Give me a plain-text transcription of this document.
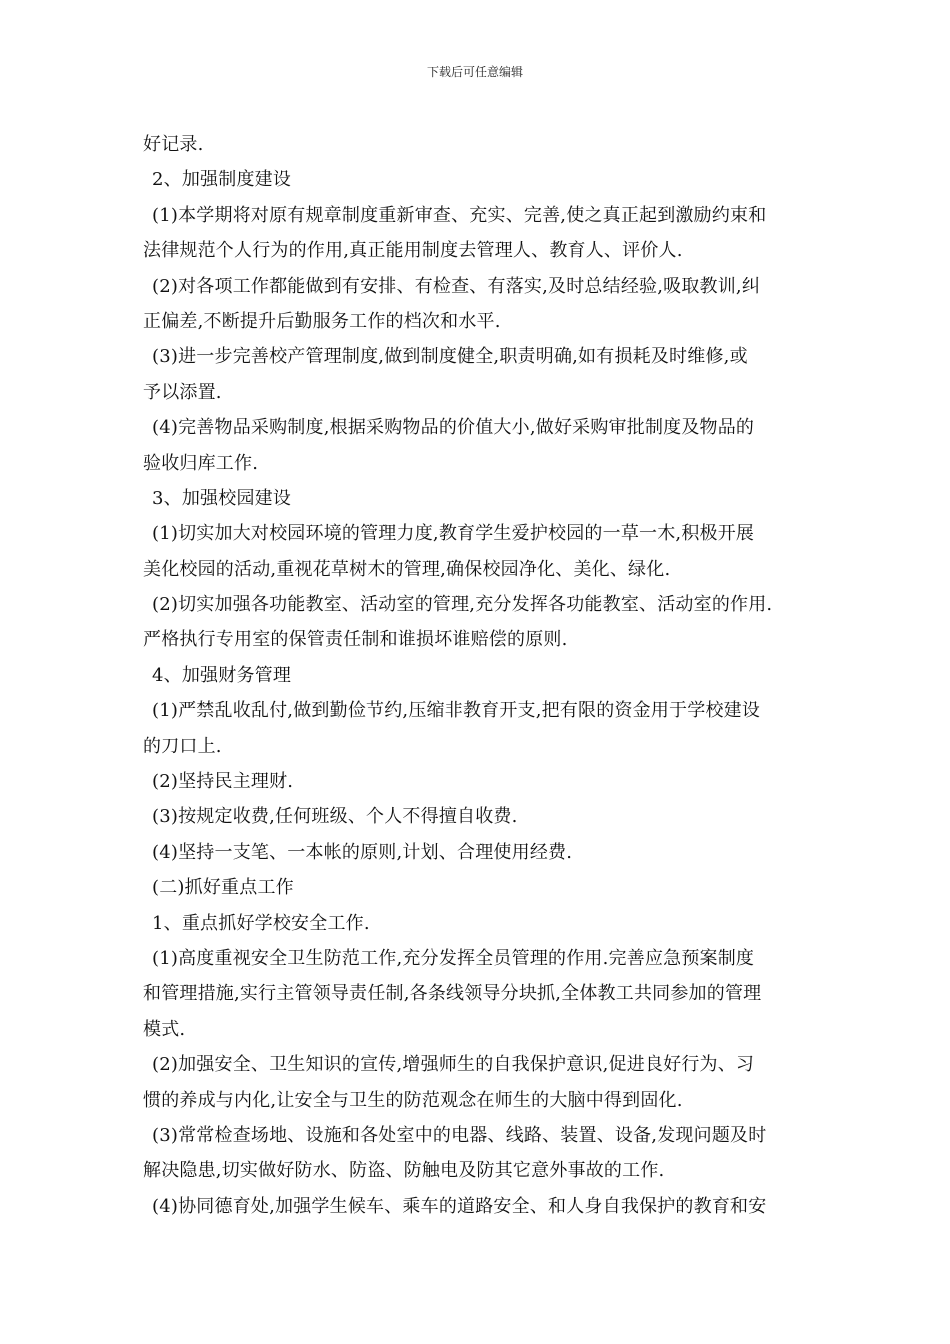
下载后可任意编辑
好记录.
2、加强制度建设
(1)本学期将对原有规章制度重新审查、充实、完善,使之真正起到激励约束和
法律规范个人行为的作用,真正能用制度去管理人、教育人、评价人.
(2)对各项工作都能做到有安排、有检查、有落实,及时总结经验,吸取教训,纠
正偏差,不断提升后勤服务工作的档次和水平.
(3)进一步完善校产管理制度,做到制度健全,职责明确,如有损耗及时维修,或
予以添置.
(4)完善物品采购制度,根据采购物品的价值大小,做好采购审批制度及物品的
验收归库工作.
3、加强校园建设
(1)切实加大对校园环境的管理力度,教育学生爱护校园的一草一木,积极开展
美化校园的活动,重视花草树木的管理,确保校园净化、美化、绿化.
(2)切实加强各功能教室、活动室的管理,充分发挥各功能教室、活动室的作用.
严格执行专用室的保管责任制和谁损坏谁赔偿的原则.
4、加强财务管理
(1)严禁乱收乱付,做到勤俭节约,压缩非教育开支,把有限的资金用于学校建设
的刀口上.
(2)坚持民主理财.
(3)按规定收费,任何班级、个人不得擅自收费.
(4)坚持一支笔、一本帐的原则,计划、合理使用经费.
(二)抓好重点工作
1、重点抓好学校安全工作.
(1)高度重视安全卫生防范工作,充分发挥全员管理的作用.完善应急预案制度
和管理措施,实行主管领导责任制,各条线领导分块抓,全体教工共同参加的管理
模式.
(2)加强安全、卫生知识的宣传,增强师生的自我保护意识,促进良好行为、习
惯的养成与内化,让安全与卫生的防范观念在师生的大脑中得到固化.
(3)常常检查场地、设施和各处室中的电器、线路、装置、设备,发现问题及时
解决隐患,切实做好防水、防盗、防触电及防其它意外事故的工作.
(4)协同德育处,加强学生候车、乘车的道路安全、和人身自我保护的教育和安
